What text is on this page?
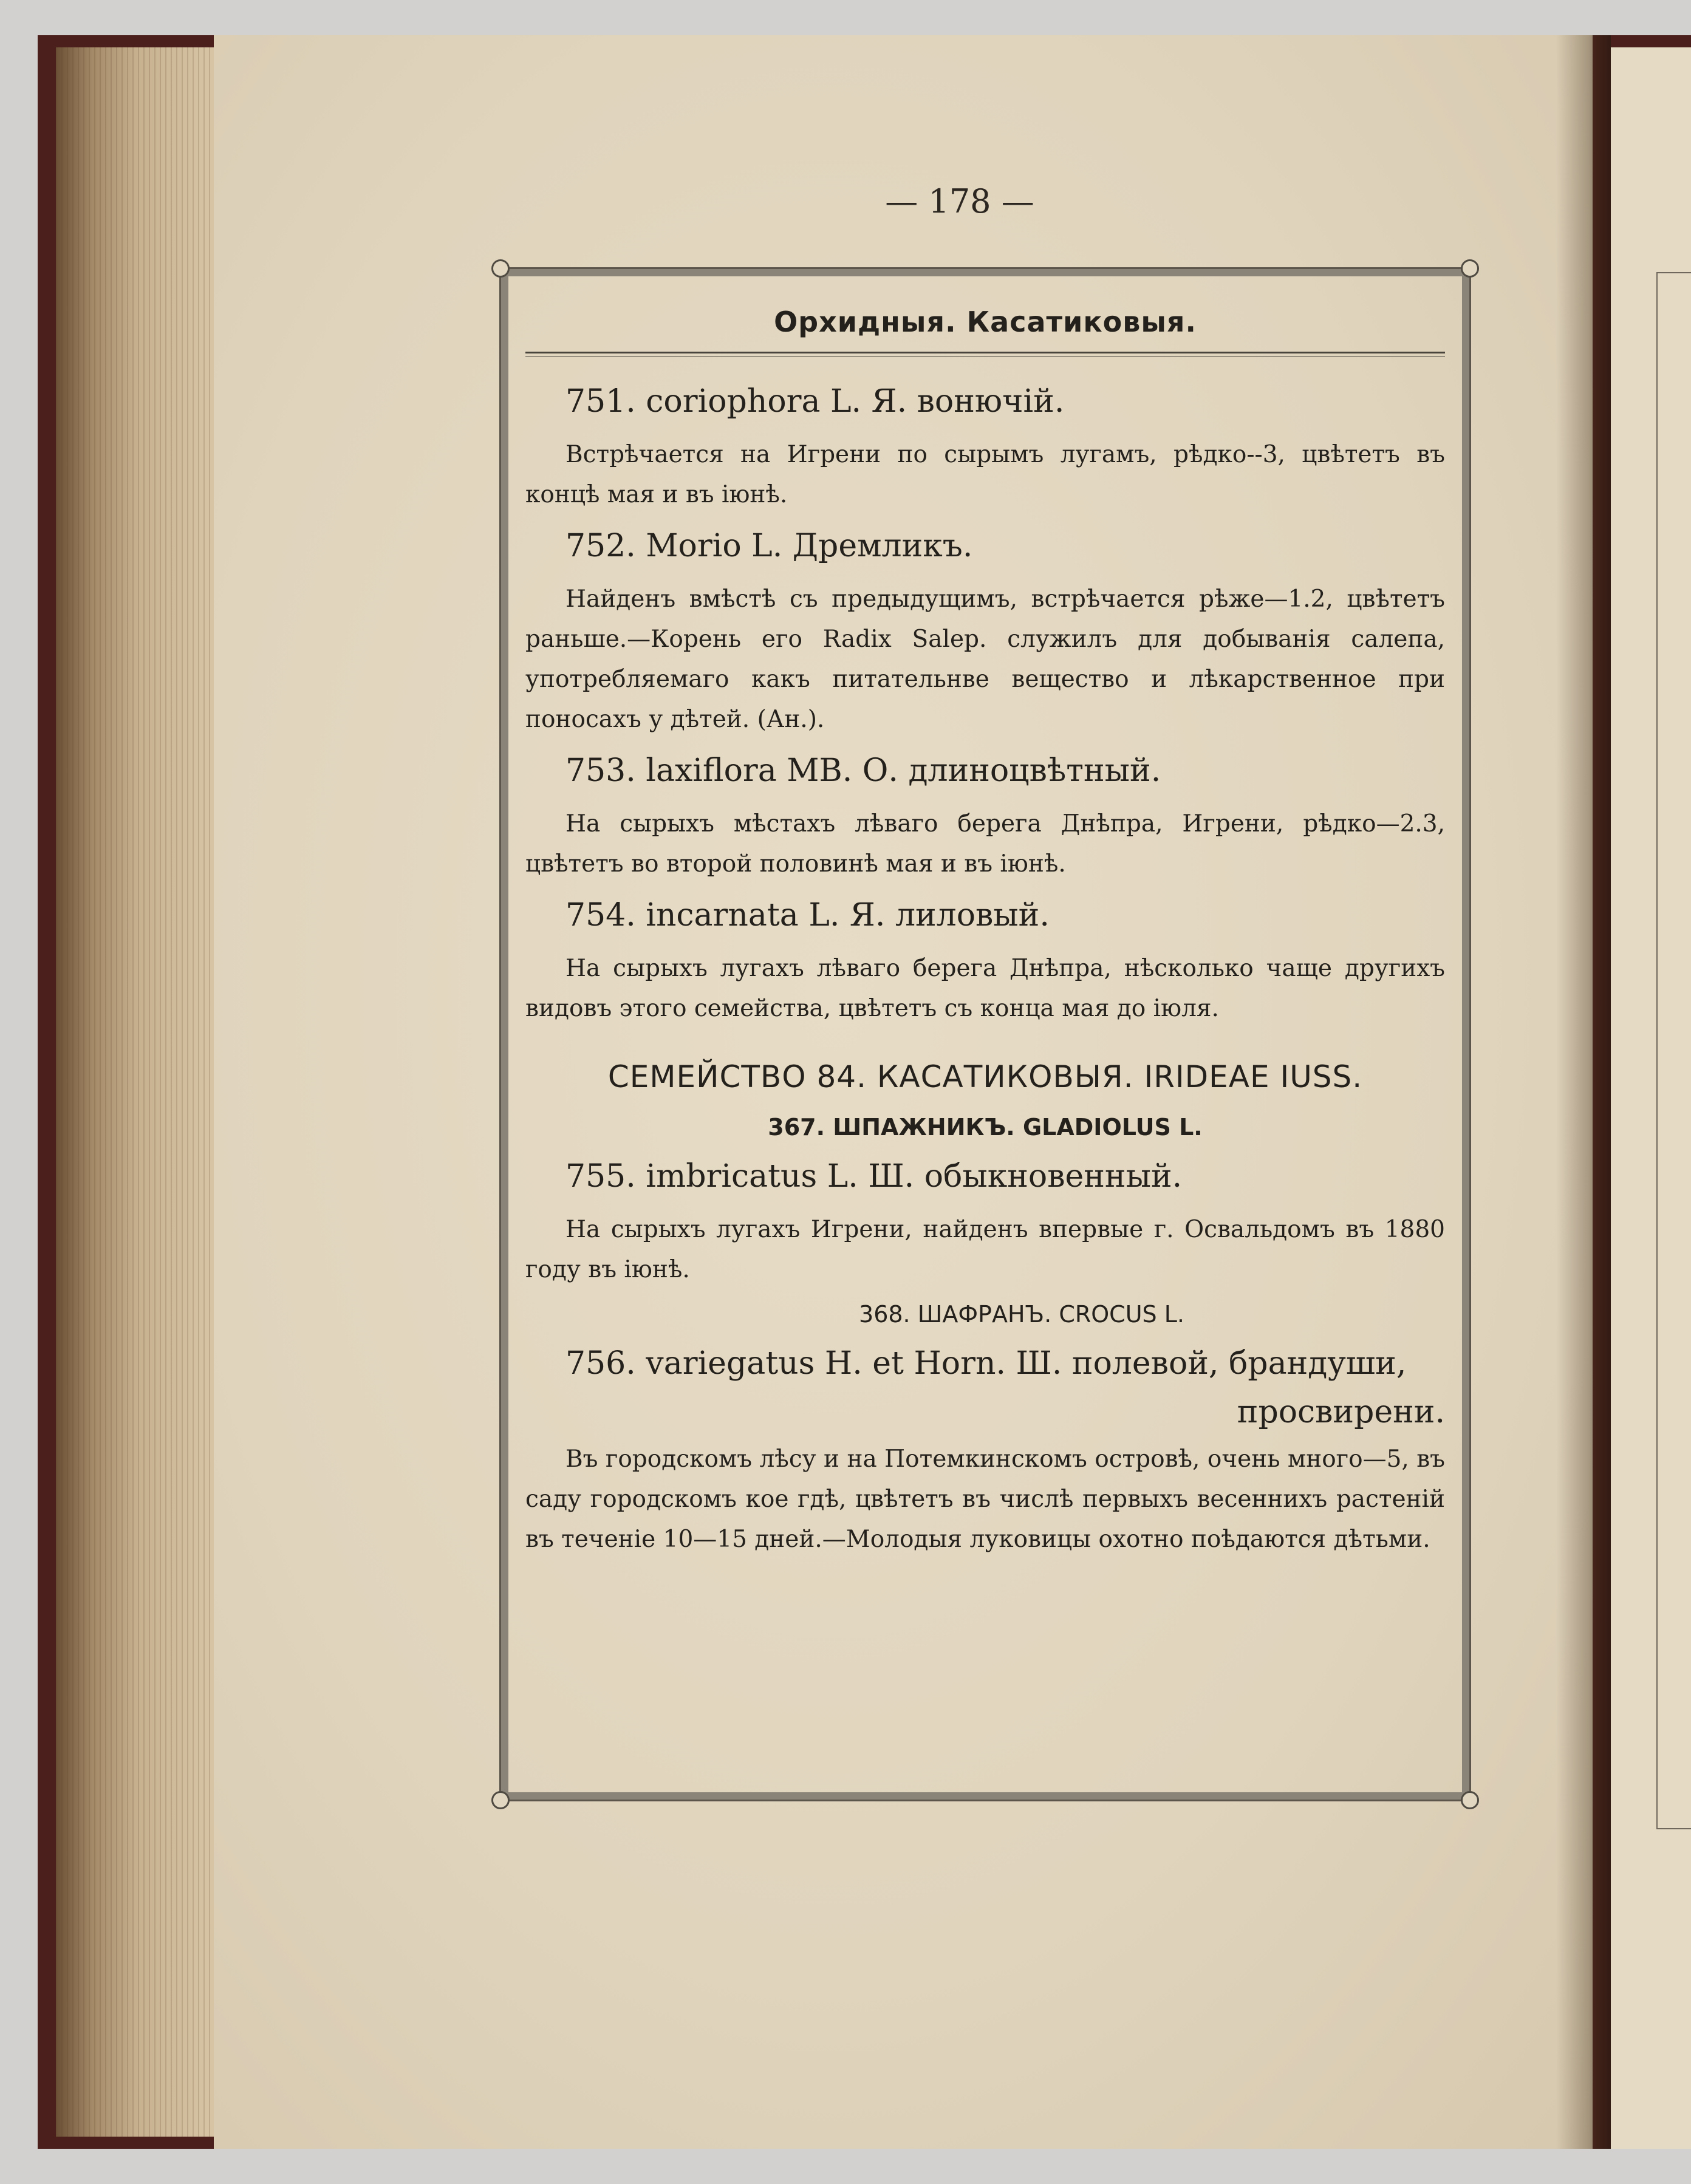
— 178 —
Орхидныя. Касатиковыя.
751. coriophora L. Я. вонючій.

Встрѣчается на Игрени по сырымъ лугамъ, рѣдко--3, цвѣтетъ въ концѣ мая и въ іюнѣ.

752. Morio L. Дремликъ.

Найденъ вмѣстѣ съ предыдущимъ, встрѣчается рѣже—1.2, цвѣтетъ раньше.—Корень его Radix Salep. служилъ для добыванія салепа, употребляемаго какъ питательнве вещество и лѣкарственное при поносахъ у дѣтей. (Ан.).

753. laxiflora MB. О. длиноцвѣтный.

На сырыхъ мѣстахъ лѣваго берега Днѣпра, Игрени, рѣдко—2.3, цвѣтетъ во второй половинѣ мая и въ іюнѣ.

754. incarnata L. Я. лиловый.

На сырыхъ лугахъ лѣваго берега Днѣпра, нѣсколько чаще другихъ видовъ этого семейства, цвѣтетъ съ конца мая до іюля.

СЕМЕЙСТВО 84. КАСАТИКОВЫЯ. IRIDEAE IUSS.
367. ШПАЖНИКЪ. GLADIOLUS L.
755. imbricatus L. Ш. обыкновенный.

На сырыхъ лугахъ Игрени, найденъ впервые г. Освальдомъ въ 1880 году въ іюнѣ.

368. ШАФРАНЪ. CROCUS L.
756. variegatus H. et Horn. Ш. полевой, брандуши,
просвирени.

Въ городскомъ лѣсу и на Потемкинскомъ островѣ, очень много—5, въ саду городскомъ кое гдѣ, цвѣтетъ въ числѣ первыхъ весеннихъ растеній въ теченіе 10—15 дней.—Молодыя луковицы охотно поѣдаются дѣтьми.
